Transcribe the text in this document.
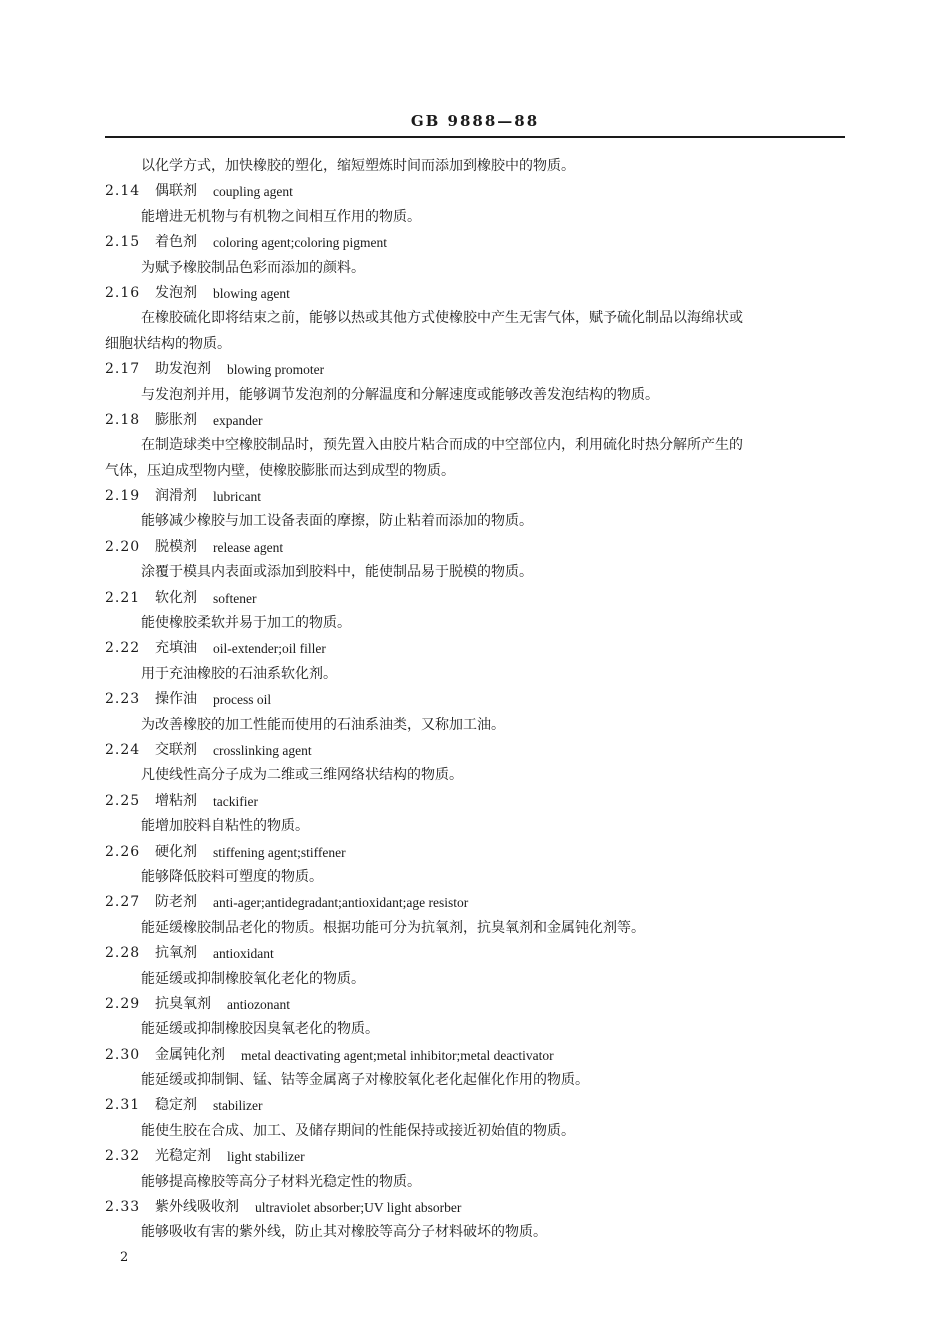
GB 9888—88
以化学方式，加快橡胶的塑化，缩短塑炼时间而添加到橡胶中的物质。
2.14	偶联剂 coupling agent
能增进无机物与有机物之间相互作用的物质。
2.15	着色剂 coloring agent;coloring pigment
为赋予橡胶制品色彩而添加的颜料。
2.16	发泡剂 blowing agent
在橡胶硫化即将结束之前，能够以热或其他方式使橡胶中产生无害气体，赋予硫化制品以海绵状或
细胞状结构的物质。
2.17	助发泡剂 blowing promoter
与发泡剂并用，能够调节发泡剂的分解温度和分解速度或能够改善发泡结构的物质。
2.18	膨胀剂 expander
在制造球类中空橡胶制品时，预先置入由胶片粘合而成的中空部位内，利用硫化时热分解所产生的
气体，压迫成型物内壁，使橡胶膨胀而达到成型的物质。
2.19	润滑剂 lubricant
能够减少橡胶与加工设备表面的摩擦，防止粘着而添加的物质。
2.20	脱模剂 release agent
涂覆于模具内表面或添加到胶料中，能使制品易于脱模的物质。
2.21	软化剂 softener
能使橡胶柔软并易于加工的物质。
2.22	充填油 oil-extender;oil filler
用于充油橡胶的石油系软化剂。
2.23	操作油 process oil
为改善橡胶的加工性能而使用的石油系油类，又称加工油。
2.24	交联剂 crosslinking agent
凡使线性高分子成为二维或三维网络状结构的物质。
2.25	增粘剂 tackifier
能增加胶料自粘性的物质。
2.26	硬化剂 stiffening agent;stiffener
能够降低胶料可塑度的物质。
2.27	防老剂 anti-ager;antidegradant;antioxidant;age resistor
能延缓橡胶制品老化的物质。根据功能可分为抗氧剂，抗臭氧剂和金属钝化剂等。
2.28	抗氧剂 antioxidant
能延缓或抑制橡胶氧化老化的物质。
2.29	抗臭氧剂 antiozonant
能延缓或抑制橡胶因臭氧老化的物质。
2.30	金属钝化剂 metal deactivating agent;metal inhibitor;metal deactivator
能延缓或抑制铜、锰、钴等金属离子对橡胶氧化老化起催化作用的物质。
2.31	稳定剂 stabilizer
能使生胶在合成、加工、及储存期间的性能保持或接近初始值的物质。
2.32	光稳定剂 light stabilizer
能够提高橡胶等高分子材料光稳定性的物质。
2.33	紫外线吸收剂 ultraviolet absorber;UV light absorber
能够吸收有害的紫外线，防止其对橡胶等高分子材料破坏的物质。
2
